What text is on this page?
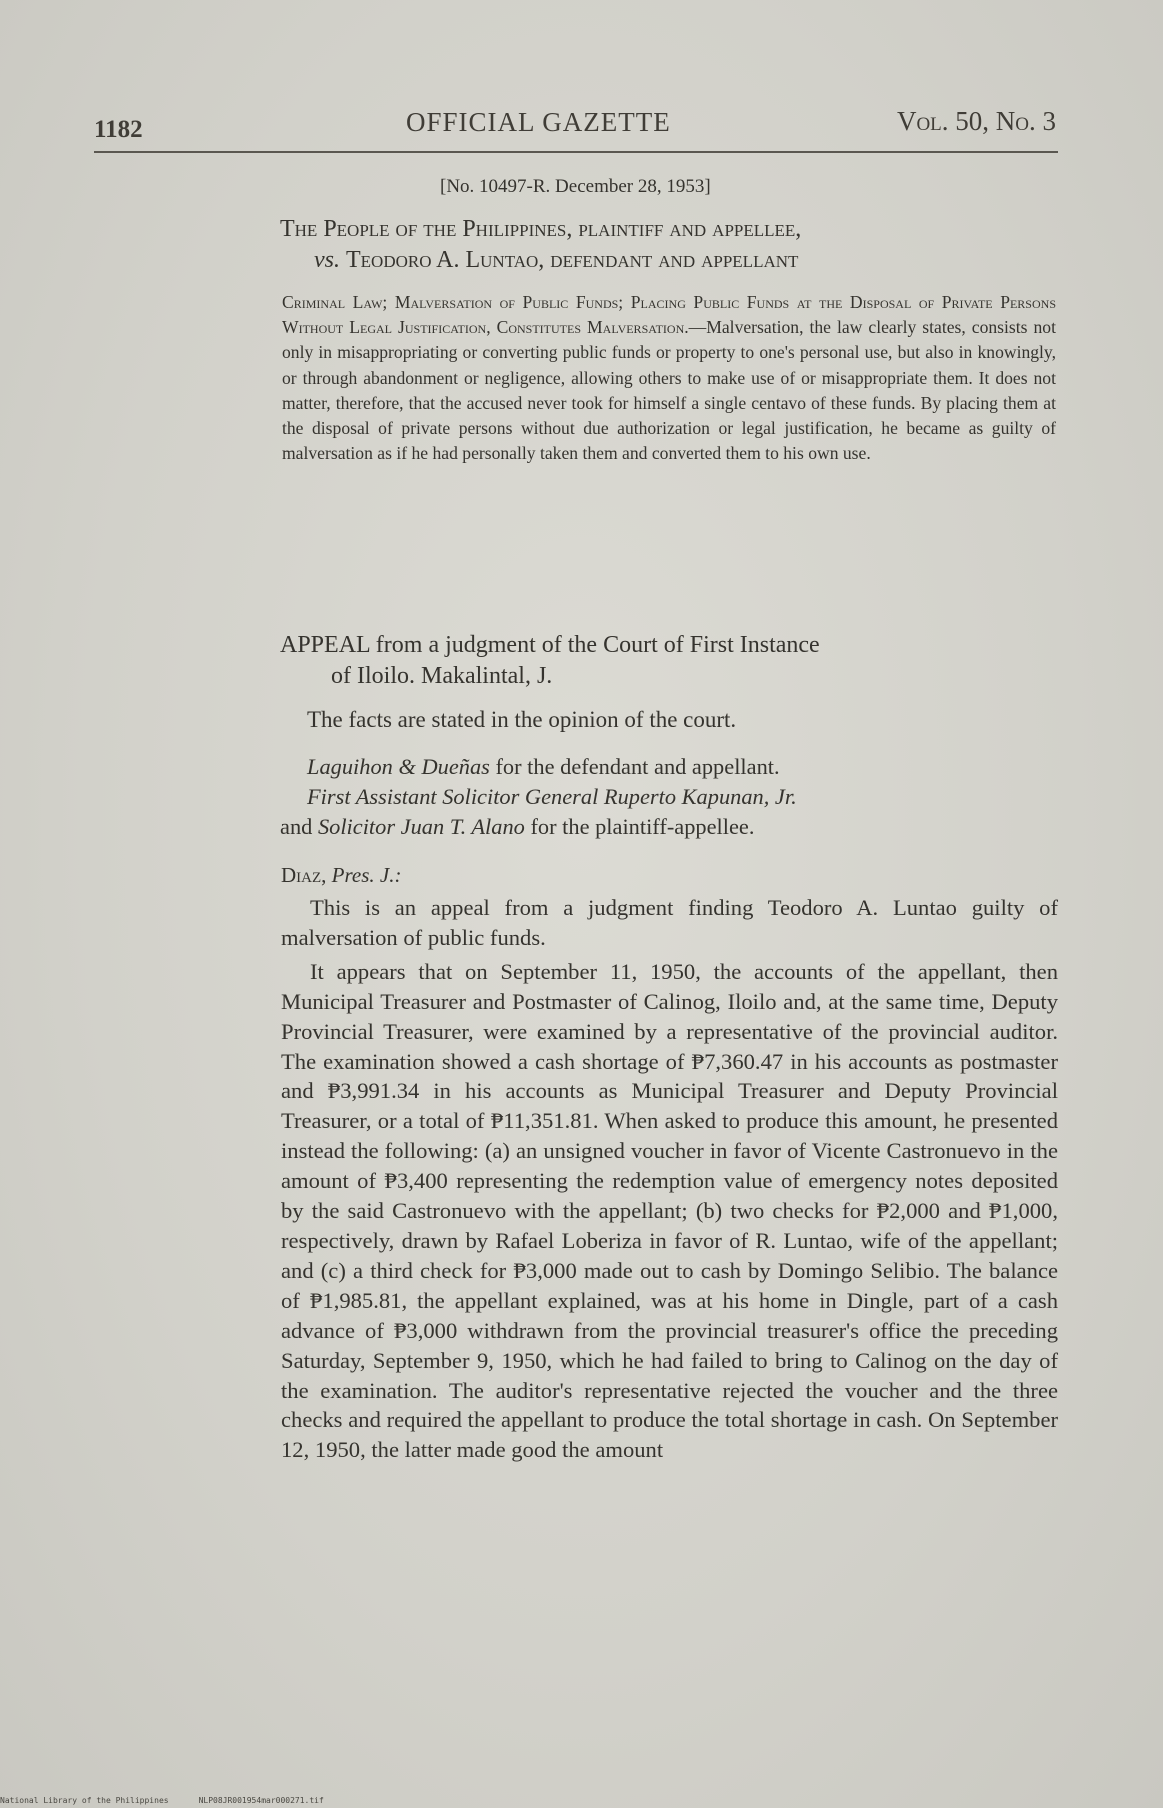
1182	OFFICIAL GAZETTE	Vol. 50, No. 3
[No. 10497-R. December 28, 1953]
The People of the Philippines, plaintiff and appellee,
vs. Teodoro A. Luntao, defendant and appellant
Criminal Law; Malversation of Public Funds; Placing Public Funds at the Disposal of Private Persons Without Legal Justification, Constitutes Malversation.—Malversation, the law clearly states, consists not only in misappropriating or converting public funds or property to one's personal use, but also in knowingly, or through abandonment or negligence, allowing others to make use of or misappropriate them. It does not matter, therefore, that the accused never took for himself a single centavo of these funds. By placing them at the disposal of private persons without due authorization or legal justification, he became as guilty of malversation as if he had personally taken them and converted them to his own use.
APPEAL from a judgment of the Court of First Instance
of Iloilo. Makalintal, J.
The facts are stated in the opinion of the court.
Laguihon & Dueñas for the defendant and appellant.
First Assistant Solicitor General Ruperto Kapunan, Jr.
and Solicitor Juan T. Alano for the plaintiff-appellee.
Diaz, Pres. J.:

This is an appeal from a judgment finding Teodoro A. Luntao guilty of malversation of public funds.

It appears that on September 11, 1950, the accounts of the appellant, then Municipal Treasurer and Postmaster of Calinog, Iloilo and, at the same time, Deputy Provincial Treasurer, were examined by a representative of the provincial auditor. The examination showed a cash shortage of ₱7,360.47 in his accounts as postmaster and ₱3,991.34 in his accounts as Municipal Treasurer and Deputy Provincial Treasurer, or a total of ₱11,351.81. When asked to produce this amount, he presented instead the following: (a) an unsigned voucher in favor of Vicente Castronuevo in the amount of ₱3,400 representing the redemption value of emergency notes deposited by the said Castronuevo with the appellant; (b) two checks for ₱2,000 and ₱1,000, respectively, drawn by Rafael Loberiza in favor of R. Luntao, wife of the appellant; and (c) a third check for ₱3,000 made out to cash by Domingo Selibio. The balance of ₱1,985.81, the appellant explained, was at his home in Dingle, part of a cash advance of ₱3,000 withdrawn from the provincial treasurer's office the preceding Saturday, September 9, 1950, which he had failed to bring to Calinog on the day of the examination. The auditor's representative rejected the voucher and the three checks and required the appellant to produce the total shortage in cash. On September 12, 1950, the latter made good the amount

National Library of the Philippines	NLP08JR001954mar000271.tif
